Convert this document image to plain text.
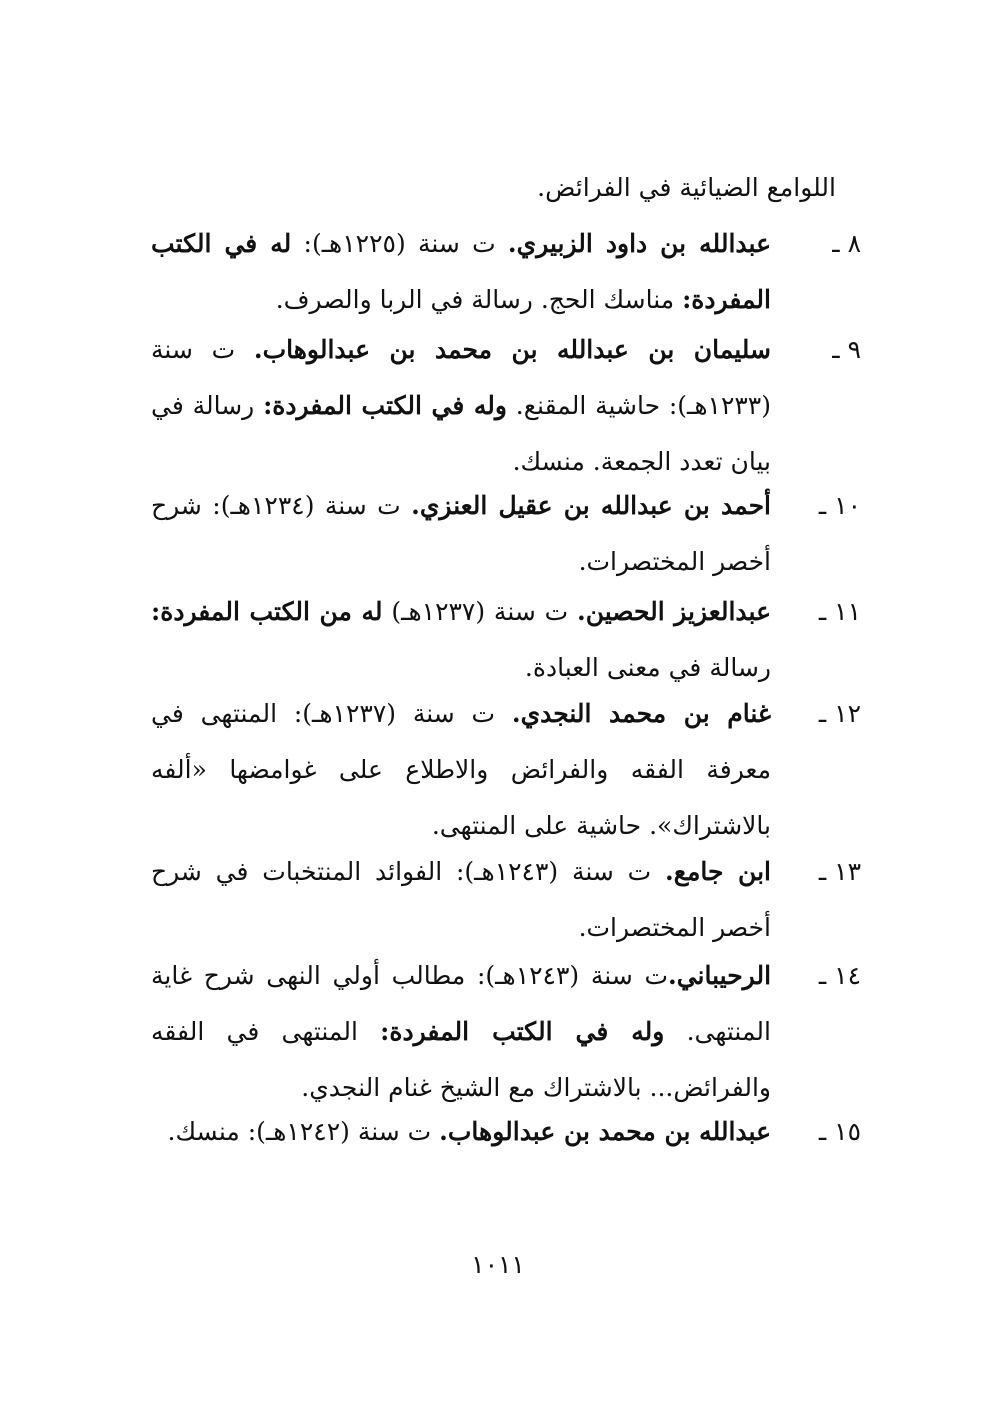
اللوامع الضيائية في الفرائض.
٨ ـ
عبدالله بن داود الزبيري. ت سنة (١٢٢٥هـ): له في الكتب المفردة: مناسك الحج. رسالة في الربا والصرف.
٩ ـ
سليمان بن عبدالله بن محمد بن عبدالوهاب. ت سنة (١٢٣٣هـ): حاشية المقنع. وله في الكتب المفردة: رسالة في بيان تعدد الجمعة. منسك.
١٠ ـ
أحمد بن عبدالله بن عقيل العنزي. ت سنة (١٢٣٤هـ): شرح أخصر المختصرات.
١١ ـ
عبدالعزيز الحصين. ت سنة (١٢٣٧هـ) له من الكتب المفردة: رسالة في معنى العبادة.
١٢ ـ
غنام بن محمد النجدي. ت سنة (١٢٣٧هـ): المنتهى في معرفة الفقه والفرائض والاطلاع على غوامضها «ألفه بالاشتراك». حاشية على المنتهى.
١٣ ـ
ابن جامع. ت سنة (١٢٤٣هـ): الفوائد المنتخبات في شرح أخصر المختصرات.
١٤ ـ
الرحيباني.ت سنة (١٢٤٣هـ): مطالب أولي النهى شرح غاية المنتهى. وله في الكتب المفردة: المنتهى في الفقه والفرائض... بالاشتراك مع الشيخ غنام النجدي.
١٥ ـ
عبدالله بن محمد بن عبدالوهاب. ت سنة (١٢٤٢هـ): منسك.
١٠١١
